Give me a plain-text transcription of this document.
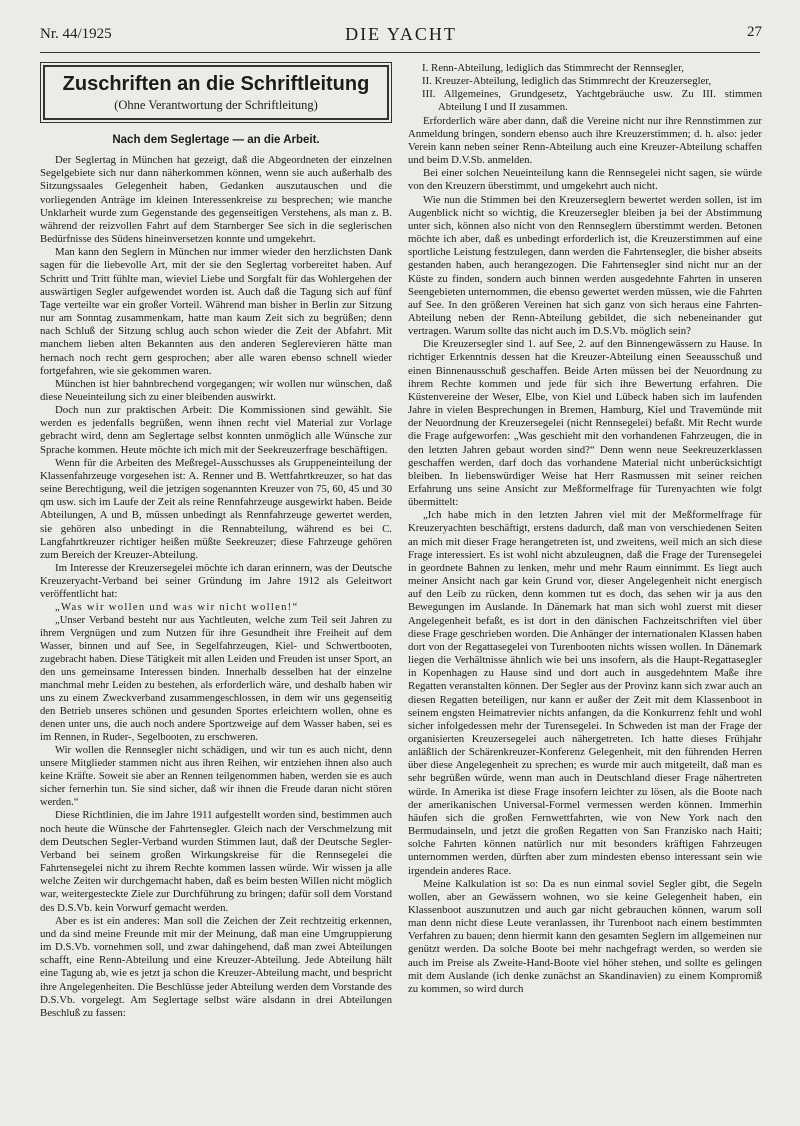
Nr. 44/1925	DIE YACHT	27
Zuschriften an die Schriftleitung
(Ohne Verantwortung der Schriftleitung)
Nach dem Seglertage — an die Arbeit.

Der Seglertag in München hat gezeigt, daß die Abgeordneten der einzelnen Segelgebiete sich nur dann näherkommen können, wenn sie auch außerhalb des Sitzungssaales Gelegenheit haben, Gedanken auszutauschen und die vorliegenden Anträge im kleinen Interessenkreise zu besprechen; wie manche Unklarheit wurde zum Gegenstande des gegenseitigen Verstehens, als man z. B. während der reizvollen Fahrt auf dem Starnberger See sich in die seglerischen Bedürfnisse des Südens hineinversetzen konnte und umgekehrt.

Man kann den Seglern in München nur immer wieder den herzlichsten Dank sagen für die liebevolle Art, mit der sie den Seglertag vorbereitet haben. Auf Schritt und Tritt fühlte man, wieviel Liebe und Sorgfalt für das Wohlergehen der auswärtigen Segler aufgewendet worden ist. Auch daß die Tagung sich auf fünf Tage verteilte war ein großer Vorteil. Während man bisher in Berlin zur Sitzung nur am Sonntag zusammenkam, hatte man kaum Zeit sich zu begrüßen; denn nach Schluß der Sitzung schlug auch schon wieder die Zeit der Abfahrt. Mit manchem lieben alten Bekannten aus den anderen Seglerevieren hätte man hernach noch recht gern gesprochen; aber alle waren ebenso schnell wieder fortgefahren, wie sie gekommen waren.

München ist hier bahnbrechend vorgegangen; wir wollen nur wünschen, daß diese Neueinteilung sich zu einer bleibenden auswirkt.

Doch nun zur praktischen Arbeit: Die Kommissionen sind gewählt. Sie werden es jedenfalls begrüßen, wenn ihnen recht viel Material zur Vorlage gebracht wird, denn am Seglertage selbst konnten unmöglich alle Wünsche zur Sprache kommen. Heute möchte ich mich mit der Seekreuzerfrage beschäftigen.

Wenn für die Arbeiten des Meßregel-Ausschusses als Gruppeneinteilung der Klassenfahrzeuge vorgesehen ist: A. Renner und B. Wettfahrtkreuzer, so hat das seine Berechtigung, weil die jetzigen sogenannten Kreuzer von 75, 60, 45 und 30 qm usw. sich im Laufe der Zeit als reine Rennfahrzeuge ausgewirkt haben. Beide Abteilungen, A und B, müssen unbedingt als Rennfahrzeuge gewertet werden, sie gehören also unbedingt in die Rennabteilung, während es bei C. Langfahrtkreuzer richtiger heißen müßte Seekreuzer; diese Fahrzeuge gehören zum Bereich der Kreuzer-Abteilung.

Im Interesse der Kreuzersegelei möchte ich daran erinnern, was der Deutsche Kreuzeryacht-Verband bei seiner Gründung im Jahre 1912 als Geleitwort veröffentlicht hat:

„Was wir wollen und was wir nicht wollen!“

„Unser Verband besteht nur aus Yachtleuten, welche zum Teil seit Jahren zu ihrem Vergnügen und zum Nutzen für ihre Gesundheit ihre Freiheit auf dem Wasser, binnen und auf See, in Segelfahrzeugen, Kiel- und Schwertbooten, zugebracht haben. Diese Tätigkeit mit allen Leiden und Freuden ist unser Sport, an den uns gemeinsame Interessen binden. Innerhalb desselben hat der einzelne manchmal mehr Leiden zu bestehen, als erforderlich wäre, und deshalb haben wir uns zu einem Zweckverband zusammengeschlossen, in dem wir uns gegenseitig den Betrieb unseres schönen und gesunden Sportes erleichtern wollen, ohne es denen unter uns, die auch noch andere Sportzweige auf dem Wasser haben, sei es im Rennen, in Ruder-, Segelbooten, zu erschweren.

Wir wollen die Rennsegler nicht schädigen, und wir tun es auch nicht, denn unsere Mitglieder stammen nicht aus ihren Reihen, wir entziehen ihnen also auch keine Kräfte. Soweit sie aber an Rennen teilgenommen haben, werden sie es auch sicher fernerhin tun. Sie sind sicher, daß wir ihnen die Freude daran nicht stören werden.“

Diese Richtlinien, die im Jahre 1911 aufgestellt worden sind, bestimmen auch noch heute die Wünsche der Fahrtensegler. Gleich nach der Verschmelzung mit dem Deutschen Segler-Verband wurden Stimmen laut, daß der Deutsche Segler-Verband bei seinem großen Wirkungskreise für die Rennsegelei die Fahrtensegelei nicht zu ihrem Rechte kommen lassen würde. Wir wissen ja alle welche Zeiten wir durchgemacht haben, daß es beim besten Willen nicht möglich war, weitergesteckte Ziele zur Durchführung zu bringen; dafür soll dem Vorstand des D.S.Vb. kein Vorwurf gemacht werden.

Aber es ist ein anderes: Man soll die Zeichen der Zeit rechtzeitig erkennen, und da sind meine Freunde mit mir der Meinung, daß man eine Umgruppierung im D.S.Vb. vornehmen soll, und zwar dahingehend, daß man zwei Abteilungen schafft, eine Renn-Abteilung und eine Kreuzer-Abteilung. Jede Abteilung hält eine Tagung ab, wie es jetzt ja schon die Kreuzer-Abteilung macht, und bespricht ihre Angelegenheiten. Die Beschlüsse jeder Abteilung werden dem Vorstande des D.S.Vb. vorgelegt. Am Seglertage selbst wäre alsdann in drei Abteilungen Beschluß zu fassen:

I. Renn-Abteilung, lediglich das Stimmrecht der Rennsegler,
II. Kreuzer-Abteilung, lediglich das Stimmrecht der Kreuzersegler,
III. Allgemeines, Grundgesetz, Yachtgebräuche usw. Zu III. stimmen Abteilung I und II zusammen.

Erforderlich wäre aber dann, daß die Vereine nicht nur ihre Rennstimmen zur Anmeldung bringen, sondern ebenso auch ihre Kreuzerstimmen; d. h. also: jeder Verein kann neben seiner Renn-Abteilung auch eine Kreuzer-Abteilung schaffen und beim D.V.Sb. anmelden.

Bei einer solchen Neueinteilung kann die Rennsegelei nicht sagen, sie würde von den Kreuzern überstimmt, und umgekehrt auch nicht.

Wie nun die Stimmen bei den Kreuzerseglern bewertet werden sollen, ist im Augenblick nicht so wichtig, die Kreuzersegler bleiben ja bei der Abstimmung unter sich, können also nicht von den Rennseglern überstimmt werden. Betonen möchte ich aber, daß es unbedingt erforderlich ist, die Kreuzerstimmen auf eine sportliche Leistung festzulegen, dann werden die Fahrtensegler, die bisher abseits gestanden haben, auch herangezogen. Die Fahrtensegler sind nicht nur an der Küste zu finden, sondern auch binnen werden ausgedehnte Fahrten in unseren Seengebieten unternommen, die ebenso gewertet werden müssen, wie die Fahrten auf See. In den größeren Vereinen hat sich ganz von sich heraus eine Fahrten-Abteilung neben der Renn-Abteilung gebildet, die sich nebeneinander gut vertragen. Warum sollte das nicht auch im D.S.Vb. möglich sein?

Die Kreuzersegler sind 1. auf See, 2. auf den Binnengewässern zu Hause. In richtiger Erkenntnis dessen hat die Kreuzer-Abteilung einen Seeausschuß und einen Binnenausschuß geschaffen. Beide Arten müssen bei der Neuordnung zu ihrem Rechte kommen und jede für sich ihre Bewertung erfahren. Die Küstenvereine der Weser, Elbe, von Kiel und Lübeck haben sich im laufenden Jahre in vielen Besprechungen in Bremen, Hamburg, Kiel und Travemünde mit der Neuordnung der Kreuzersegelei (nicht Rennsegelei) befaßt. Mit Recht wurde die Frage aufgeworfen: „Was geschieht mit den vorhandenen Fahrzeugen, die in den letzten Jahren gebaut worden sind?“ Denn wenn neue Seekreuzerklassen geschaffen werden, darf doch das vorhandene Material nicht unberücksichtigt bleiben. In liebenswürdiger Weise hat Herr Rasmussen mit seiner reichen Erfahrung uns seine Ansicht zur Meßformelfrage für Turenyachten wie folgt übermittelt:

„Ich habe mich in den letzten Jahren viel mit der Meßformelfrage für Kreuzeryachten beschäftigt, erstens dadurch, daß man von verschiedenen Seiten an mich mit dieser Frage herangetreten ist, und zweitens, weil mich an sich diese Frage interessiert. Es ist wohl nicht abzuleugnen, daß die Frage der Turensegelei in geordnete Bahnen zu lenken, mehr und mehr Raum einnimmt. Es liegt auch meiner Ansicht nach gar kein Grund vor, dieser Angelegenheit nicht energisch auf den Leib zu rücken, denn kommen tut es doch, das sehen wir ja aus den Bewegungen im Auslande. In Dänemark hat man sich wohl zuerst mit dieser Angelegenheit befaßt, es ist dort in den dänischen Fachzeitschriften viel über diese Frage geschrieben worden. Die Anhänger der internationalen Klassen haben dort von der Regattasegelei von Turenbooten nichts wissen wollen. In Dänemark liegen die Verhältnisse ähnlich wie bei uns insofern, als die Haupt-Regattasegler in Kopenhagen zu Hause sind und dort auch in ausgedehntem Maße ihre Regatten veranstalten können. Der Segler aus der Provinz kann sich zwar auch an diesen Regatten beteiligen, nur kann er außer der Zeit mit dem Klassenboot in seinem engsten Heimatrevier nichts anfangen, da die Konkurrenz fehlt und wohl sicher infolgedessen mehr der Turensegelei. In Schweden ist man der Frage der organisierten Kreuzersegelei auch nähergetreten. Ich hatte dieses Frühjahr anläßlich der Schärenkreuzer-Konferenz Gelegenheit, mit den führenden Herren über diese Angelegenheit zu sprechen; es wurde mir auch mitgeteilt, daß man es sehr begrüßen würde, wenn man auch in Deutschland dieser Frage nähertreten würde. In Amerika ist diese Frage insofern leichter zu lösen, als die Boote nach der amerikanischen Universal-Formel vermessen werden können. Immerhin häufen sich die großen Fernwettfahrten, wie von New York nach den Bermudainseln, und jetzt die großen Regatten von San Franzisko nach Haiti; solche Fahrten können natürlich nur mit besonders kräftigen Fahrzeugen unternommen werden, dürften aber zum mindesten ebenso interessant sein wie irgendein anderes Race.

Meine Kalkulation ist so: Da es nun einmal soviel Segler gibt, die Segeln wollen, aber an Gewässern wohnen, wo sie keine Gelegenheit haben, ein Klassenboot auszunutzen und auch gar nicht gebrauchen können, warum soll man denn nicht diese Leute veranlassen, ihr Turenboot nach einem bestimmten Verfahren zu bauen; denn hiermit kann den gesamten Seglern im allgemeinen nur genützt werden. Da solche Boote bei mehr nachgefragt werden, so werden sie auch im Preise als Zweite-Hand-Boote viel höher stehen, und sollte es gelingen mit dem Auslande (ich denke zunächst an Skandinavien) zu einem Kompromiß zu kommen, so wird durch
